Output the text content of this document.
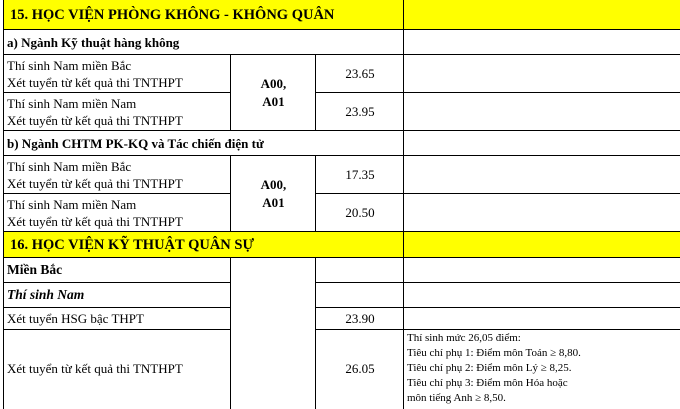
15. HỌC VIỆN PHÒNG KHÔNG - KHÔNG QUÂN
a) Ngành Kỹ thuật hàng không
Thí sinh Nam miền Bắc
Xét tuyển từ kết quả thi TNTHPT
Thí sinh Nam miền Nam
Xét tuyển từ kết quả thi TNTHPT
A00,
A01
23.65
23.95
b) Ngành CHTM PK-KQ và Tác chiến điện tử
Thí sinh Nam miền Bắc
Xét tuyển từ kết quả thi TNTHPT
Thí sinh Nam miền Nam
Xét tuyển từ kết quả thi TNTHPT
A00,
A01
17.35
20.50
16. HỌC VIỆN KỸ THUẬT QUÂN SỰ
Miền Bắc
Thí sinh Nam
Xét tuyển HSG bậc THPT	23.90
Xét tuyển từ kết quả thi TNTHPT	26.05
Thí sinh mức 26,05 điểm:
Tiêu chí phụ 1: Điểm môn Toán ≥ 8,80.
Tiêu chí phụ 2: Điểm môn Lý ≥ 8,25.
Tiêu chí phụ 3: Điểm môn Hóa hoặc
môn tiếng Anh ≥ 8,50.
